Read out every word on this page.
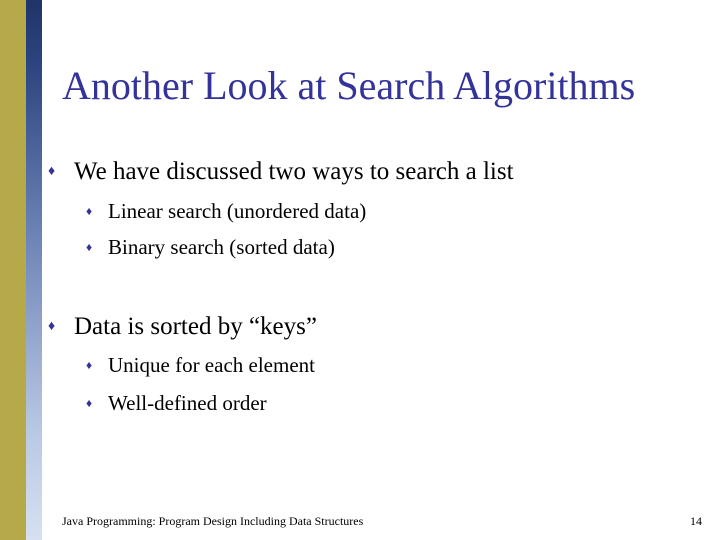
Another Look at Search Algorithms
♦ We have discussed two ways to search a list
♦ Linear search (unordered data)
♦ Binary search (sorted data)
♦ Data is sorted by “keys”
♦ Unique for each element
♦ Well-defined order
Java Programming: Program Design Including Data Structures	14
